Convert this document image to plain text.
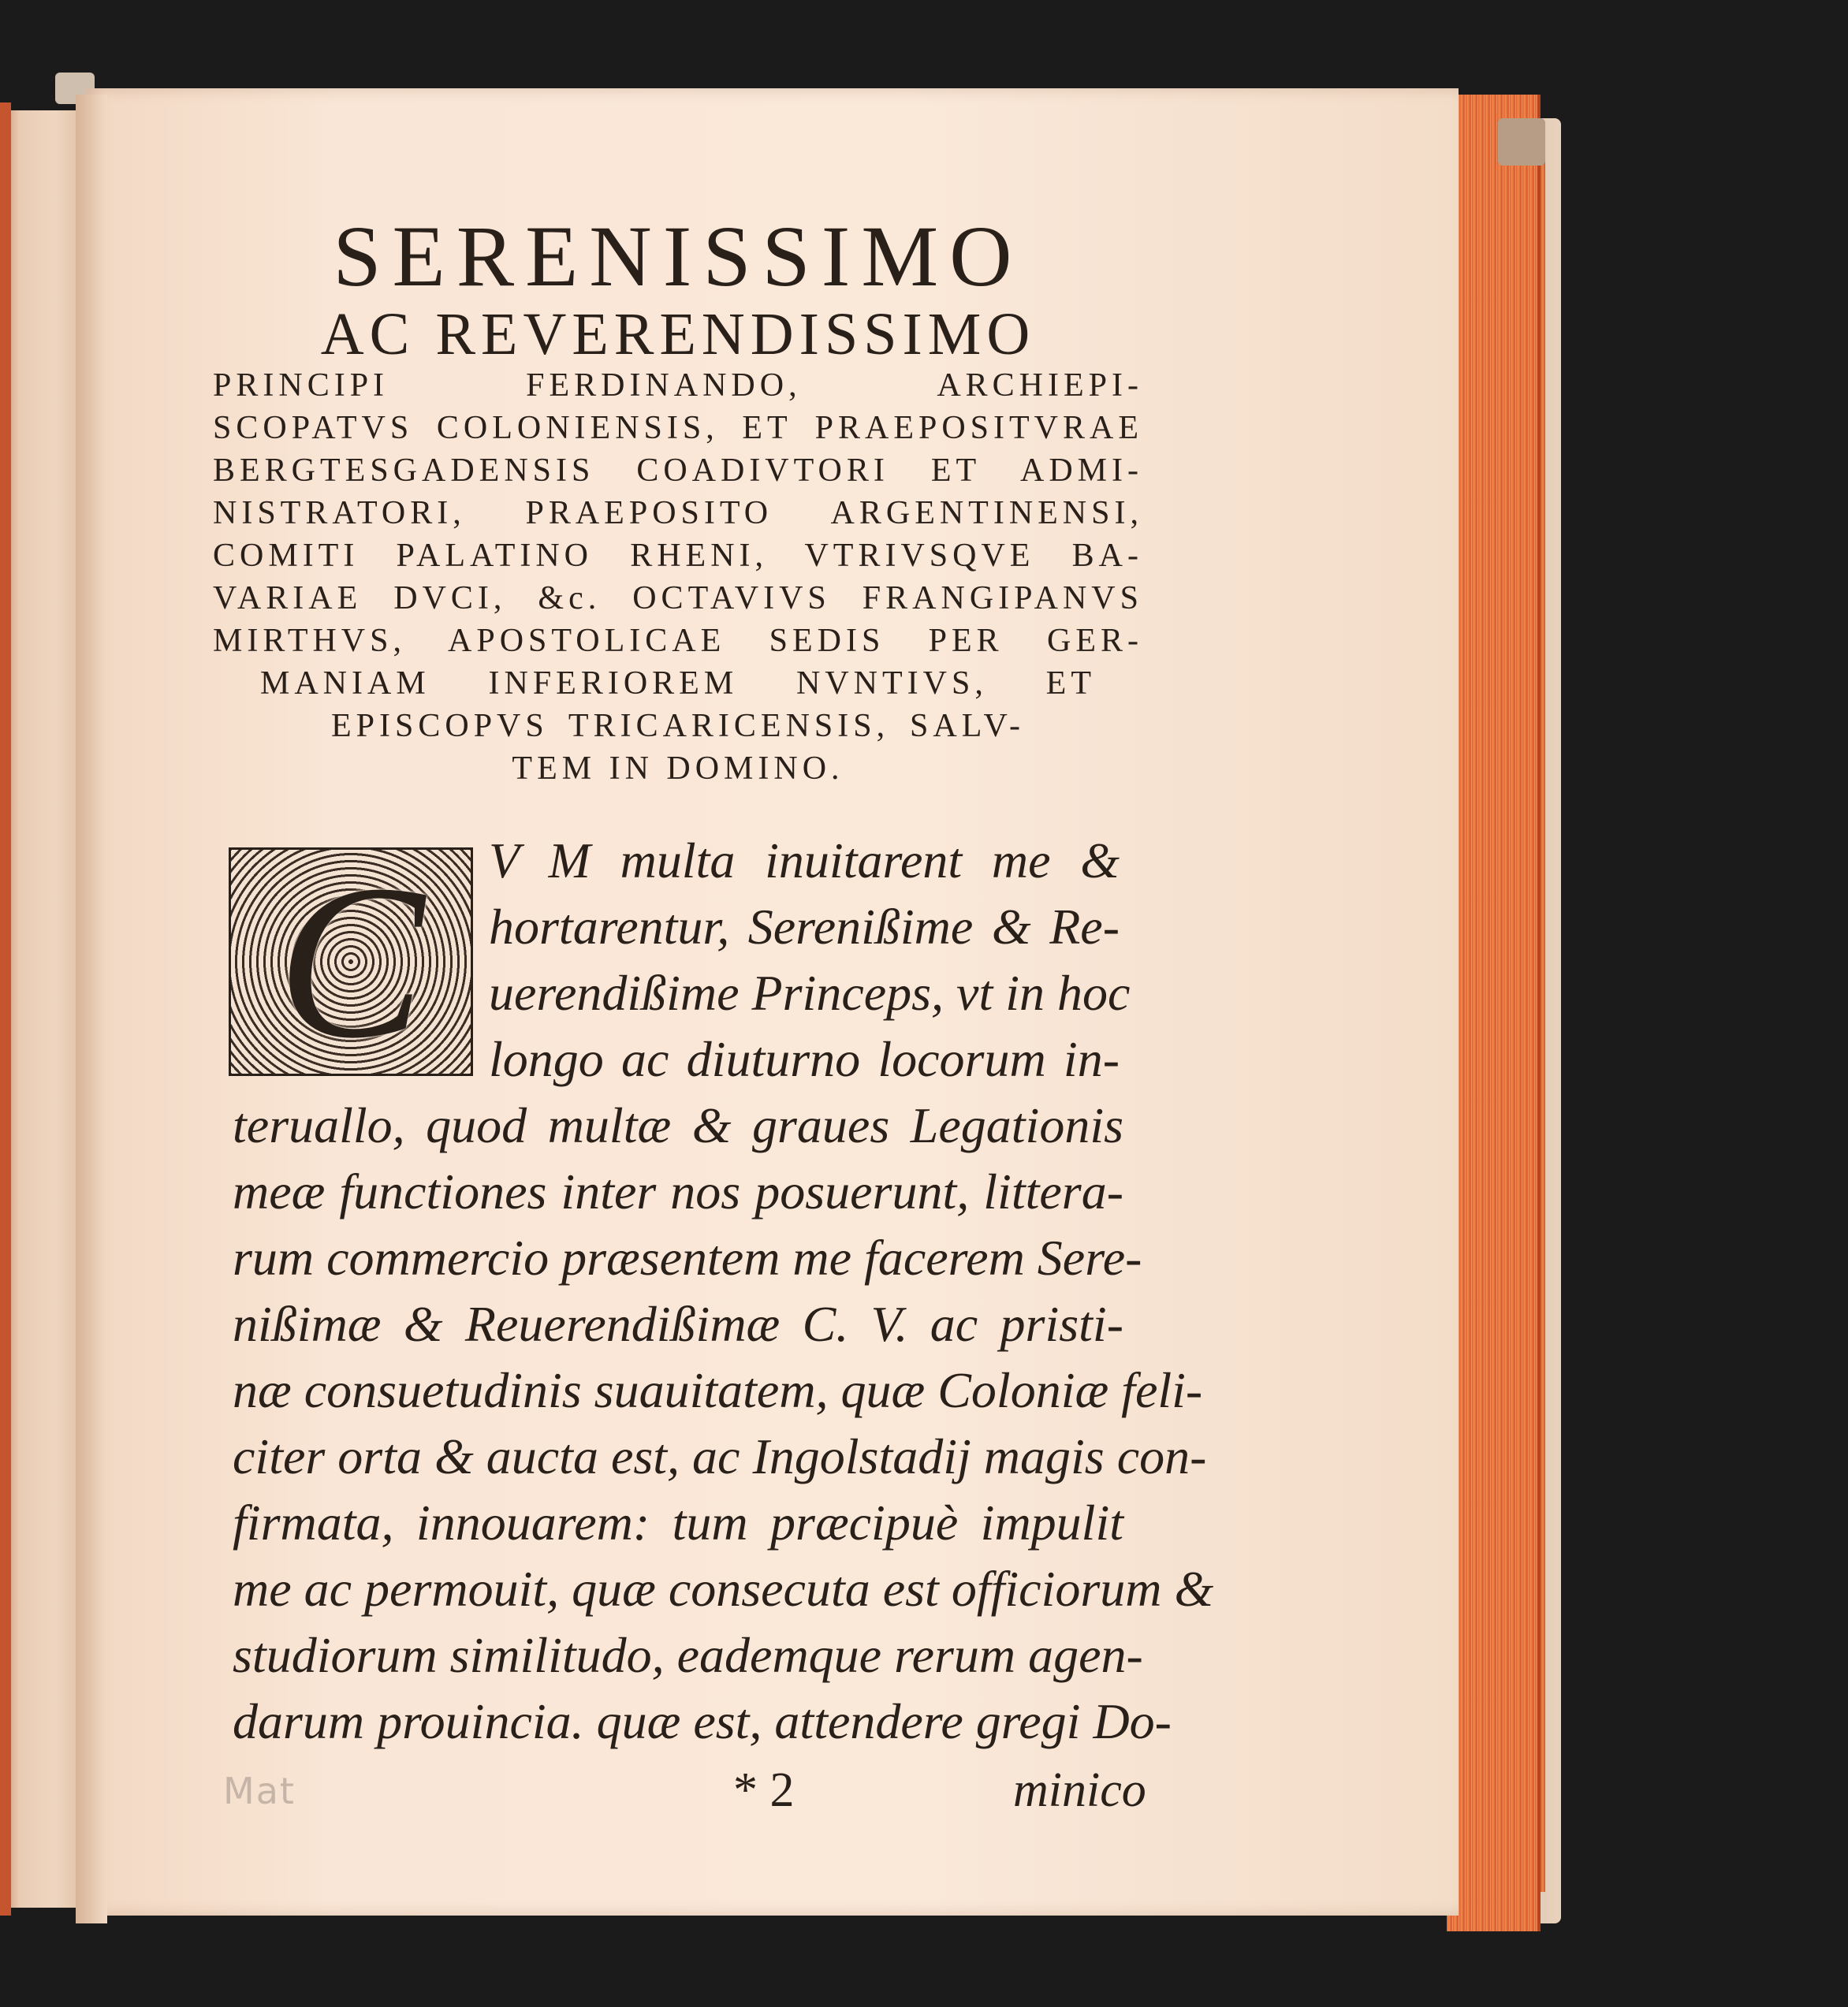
SERENISSIMO

AC REVERENDISSIMO

PRINCIPI FERDINANDO, ARCHIEPI-

SCOPATVS COLONIENSIS, ET PRAEPOSITVRAE

BERGTESGADENSIS COADIVTORI ET ADMI-

NISTRATORI, PRAEPOSITO ARGENTINENSI,

COMITI PALATINO RHENI, VTRIVSQVE BA-

VARIAE DVCI, &c. OCTAVIVS FRANGIPANVS

MIRTHVS, APOSTOLICAE SEDIS PER GER-

MANIAM INFERIOREM NVNTIVS, ET

EPISCOPVS TRICARICENSIS, SALV-

TEM IN DOMINO.

C	V M multa inuitarent me &
hortarentur, Serenißime & Re-
uerendißime Princeps, vt in hoc
longo ac diuturno locorum in-
teruallo, quod multæ & graues Legationis
meæ functiones inter nos posuerunt, littera-
rum commercio præsentem me facerem Sere-
nißimæ & Reuerendißimæ C. V. ac pristi-
næ consuetudinis suauitatem, quæ Coloniæ feli-
citer orta & aucta est, ac Ingolstadij magis con-
firmata, innouarem: tum præcipuè impulit
me ac permouit, quæ consecuta est officiorum &
studiorum similitudo, eademque rerum agen-
darum prouincia. quæ est, attendere gregi Do-
* 2	minico
Mat
